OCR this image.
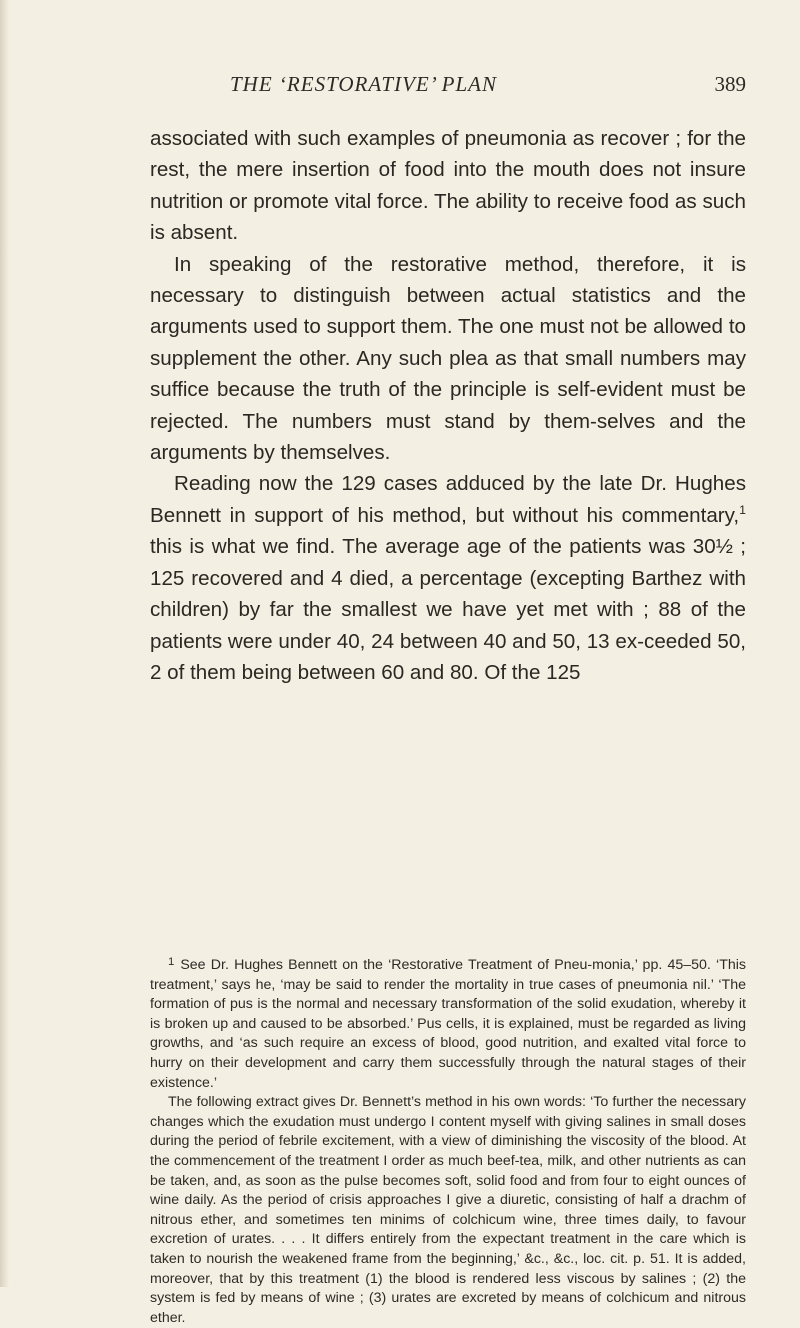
THE ‘RESTORATIVE’ PLAN	389

associated with such examples of pneumonia as recover ; for the rest, the mere insertion of food into the mouth does not insure nutrition or promote vital force. The ability to receive food as such is absent.

In speaking of the restorative method, therefore, it is necessary to distinguish between actual statistics and the arguments used to support them. The one must not be allowed to supplement the other. Any such plea as that small numbers may suffice because the truth of the principle is self-evident must be rejected. The numbers must stand by them-selves and the arguments by themselves.

Reading now the 129 cases adduced by the late Dr. Hughes Bennett in support of his method, but without his commentary,$^1$ this is what we find. The average age of the patients was 30½ ; 125 recovered and 4 died, a percentage (excepting Barthez with children) by far the smallest we have yet met with ; 88 of the patients were under 40, 24 between 40 and 50, 13 ex-ceeded 50, 2 of them being between 60 and 80. Of the 125

$^1$ See Dr. Hughes Bennett on the ‘Restorative Treatment of Pneu-monia,’ pp. 45–50. ‘This treatment,’ says he, ‘may be said to render the mortality in true cases of pneumonia nil.’ ‘The formation of pus is the normal and necessary transformation of the solid exudation, whereby it is broken up and caused to be absorbed.’ Pus cells, it is explained, must be regarded as living growths, and ‘as such require an excess of blood, good nutrition, and exalted vital force to hurry on their development and carry them successfully through the natural stages of their existence.’

The following extract gives Dr. Bennett’s method in his own words: ‘To further the necessary changes which the exudation must undergo I content myself with giving salines in small doses during the period of febrile excitement, with a view of diminishing the viscosity of the blood. At the commencement of the treatment I order as much beef-tea, milk, and other nutrients as can be taken, and, as soon as the pulse becomes soft, solid food and from four to eight ounces of wine daily. As the period of crisis approaches I give a diuretic, consisting of half a drachm of nitrous ether, and sometimes ten minims of colchicum wine, three times daily, to favour excretion of urates. . . . It differs entirely from the expectant treatment in the care which is taken to nourish the weakened frame from the beginning,’ &c., &c., loc. cit. p. 51. It is added, moreover, that by this treatment (1) the blood is rendered less viscous by salines ; (2) the system is fed by means of wine ; (3) urates are excreted by means of colchicum and nitrous ether.
